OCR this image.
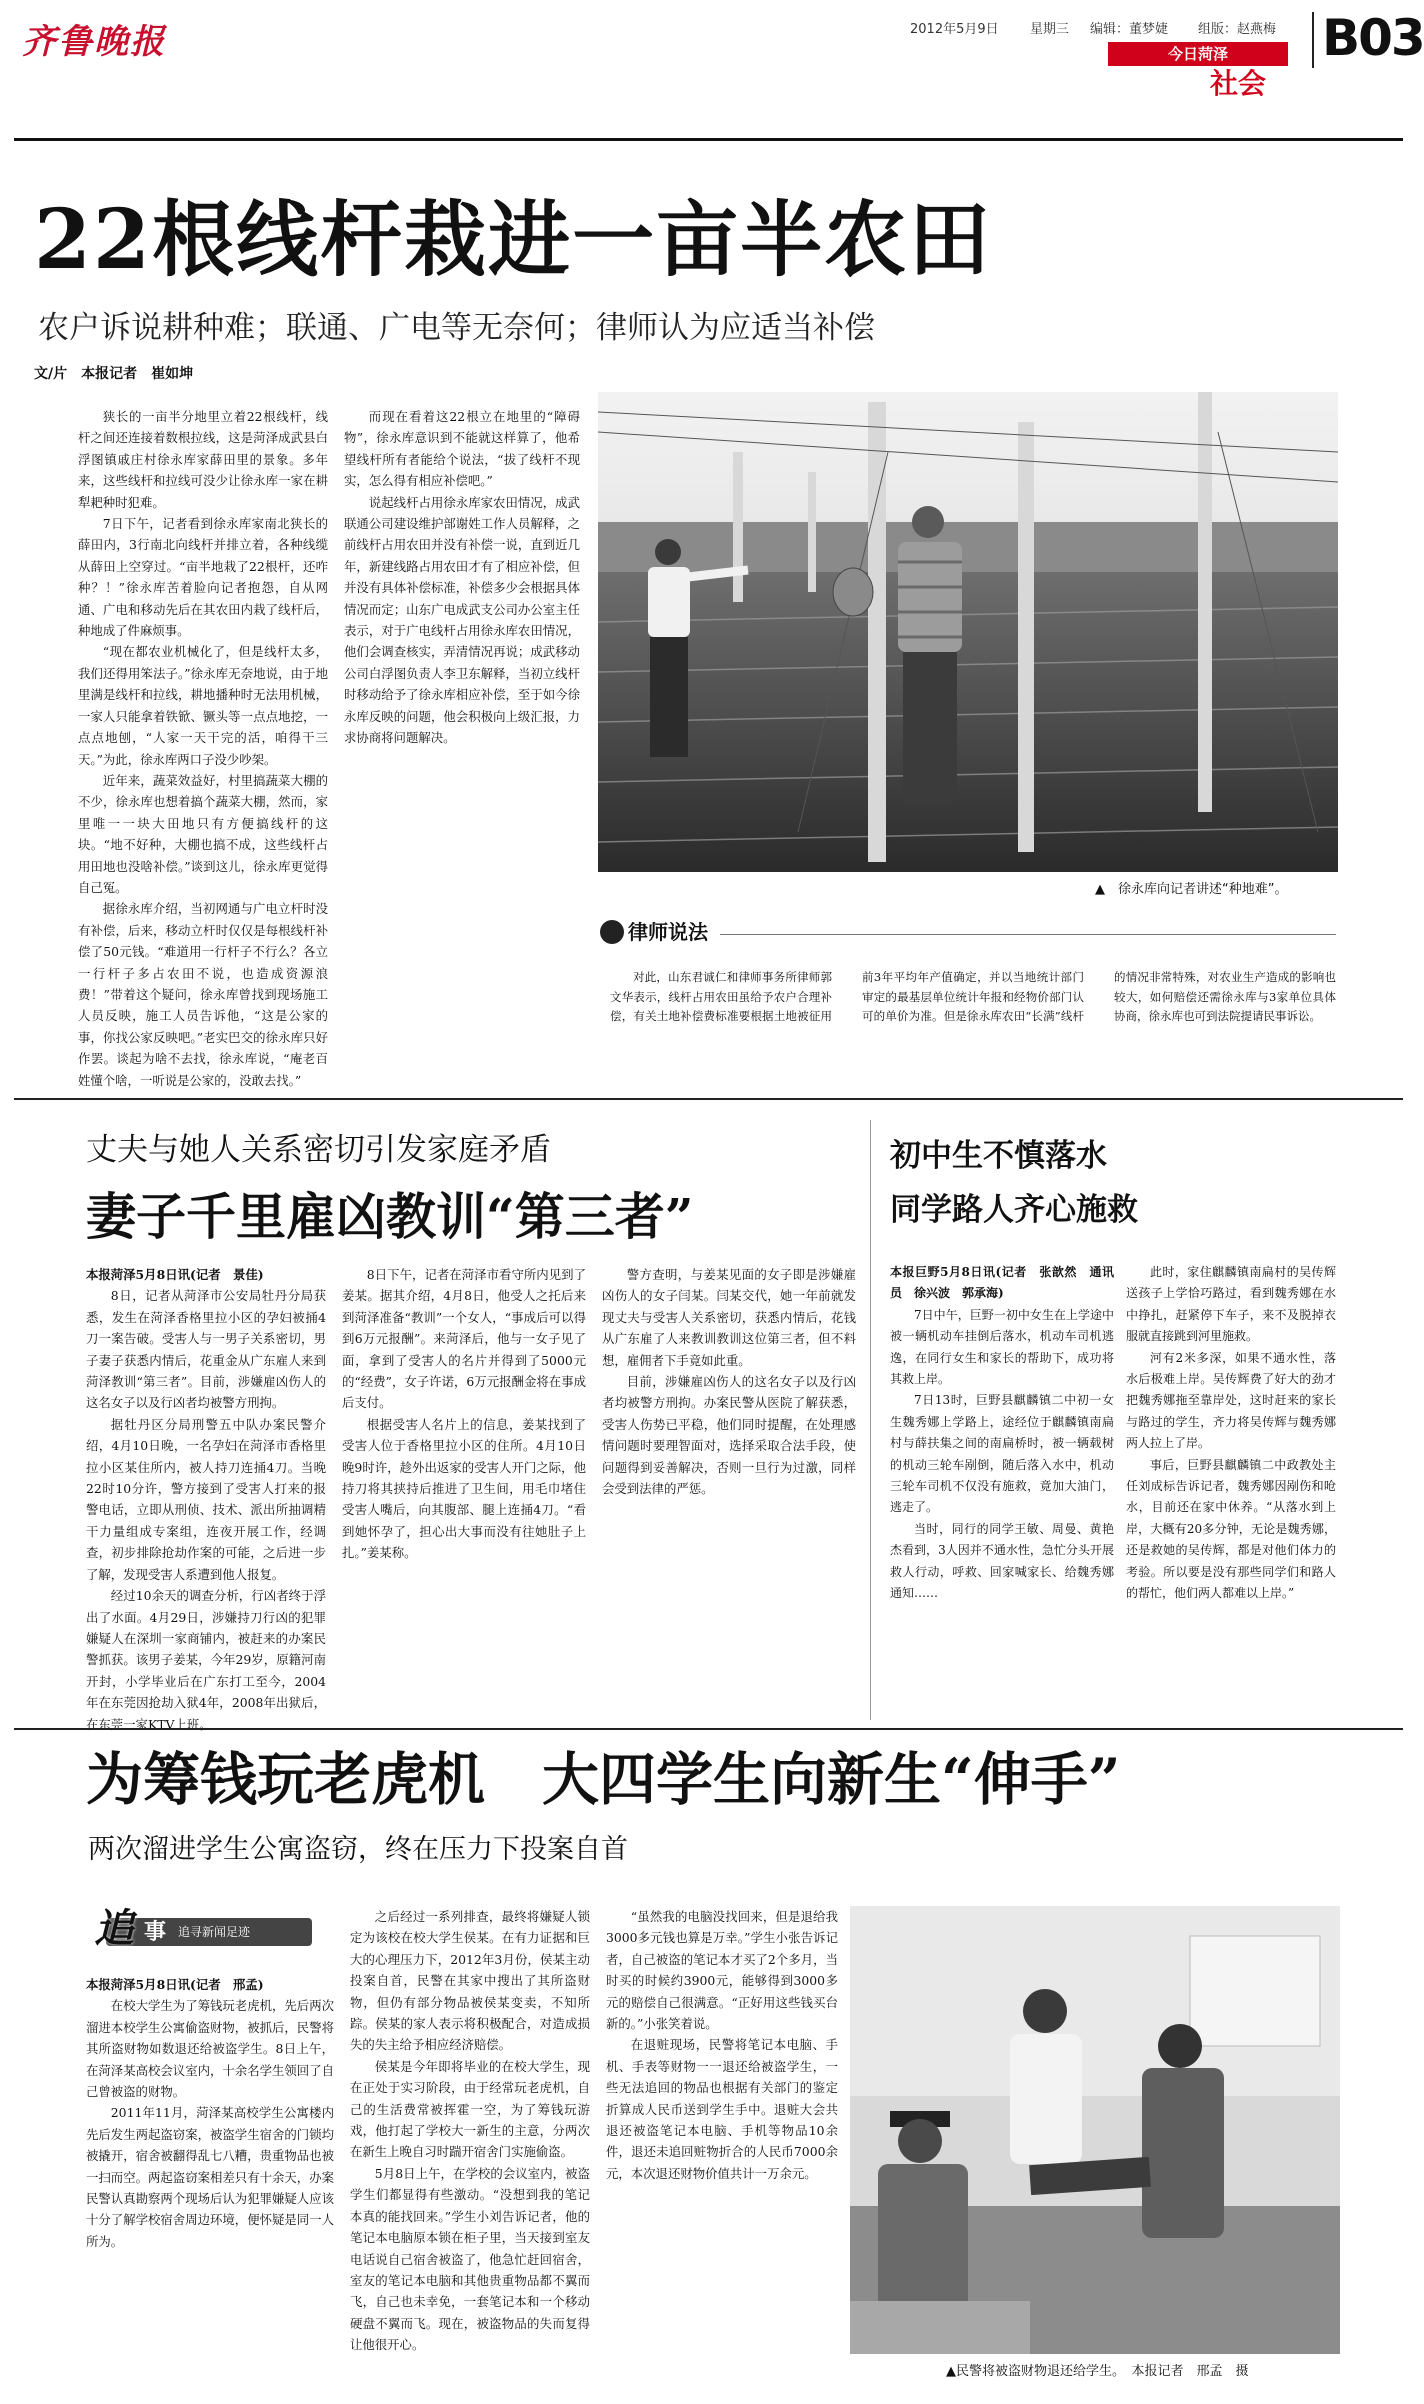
齐鲁晚报	2012年5月9日 星期三 编辑：董梦婕 组版：赵燕梅
今日菏泽
社会
B03
22根线杆栽进一亩半农田
农户诉说耕种难；联通、广电等无奈何；律师认为应适当补偿
文/片　本报记者　崔如坤

狭长的一亩半分地里立着22根线杆，线杆之间还连接着数根拉线，这是菏泽成武县白浮图镇戚庄村徐永库家薛田里的景象。多年来，这些线杆和拉线可没少让徐永库一家在耕犁耙种时犯难。

7日下午，记者看到徐永库家南北狭长的薛田内，3行南北向线杆并排立着，各种线缆从薛田上空穿过。“亩半地栽了22根杆，还咋种？！”徐永库苦着脸向记者抱怨，自从网通、广电和移动先后在其农田内栽了线杆后，种地成了件麻烦事。

“现在都农业机械化了，但是线杆太多，我们还得用笨法子。”徐永库无奈地说，由于地里满是线杆和拉线，耕地播种时无法用机械，一家人只能拿着铁锨、镢头等一点点地挖，一点点地刨，“人家一天干完的活，咱得干三天。”为此，徐永库两口子没少吵架。

近年来，蔬菜效益好，村里搞蔬菜大棚的不少，徐永库也想着搞个蔬菜大棚，然而，家里唯一一块大田地只有方便搞线杆的这块。“地不好种，大棚也搞不成，这些线杆占用田地也没啥补偿。”谈到这儿，徐永库更觉得自己冤。

据徐永库介绍，当初网通与广电立杆时没有补偿，后来，移动立杆时仅仅是每根线杆补偿了50元钱。“难道用一行杆子不行么？各立一行杆子多占农田不说，也造成资源浪费！”带着这个疑问，徐永库曾找到现场施工人员反映，施工人员告诉他，“这是公家的事，你找公家反映吧。”老实巴交的徐永库只好作罢。谈起为啥不去找，徐永库说，“庵老百姓懂个啥，一听说是公家的，没敢去找。”

而现在看着这22根立在地里的“障碍物”，徐永库意识到不能就这样算了，他希望线杆所有者能给个说法，“拔了线杆不现实，怎么得有相应补偿吧。”

说起线杆占用徐永库家农田情况，成武联通公司建设维护部谢姓工作人员解释，之前线杆占用农田并没有补偿一说，直到近几年，新建线路占用农田才有了相应补偿，但并没有具体补偿标准，补偿多少会根据具体情况而定；山东广电成武支公司办公室主任表示，对于广电线杆占用徐永库农田情况，他们会调查核实，弄清情况再说；成武移动公司白浮图负责人李卫东解释，当初立线杆时移动给予了徐永库相应补偿，至于如今徐永库反映的问题，他会积极向上级汇报，力求协商将问题解决。

▲　徐永库向记者讲述“种地难”。
律师说法
对此，山东君诚仁和律师事务所律师郭文华表示，线杆占用农田虽给予农户合理补偿，有关土地补偿费标准要根据土地被征用前3年平均年产值确定，并以当地统计部门审定的最基层单位统计年报和经物价部门认可的单价为准。但是徐永库农田“长满”线杆的情况非常特殊，对农业生产造成的影响也较大，如何赔偿还需徐永库与3家单位具体协商，徐永库也可到法院提请民事诉讼。
丈夫与她人关系密切引发家庭矛盾
妻子千里雇凶教训“第三者”

本报菏泽5月8日讯(记者　景佳)

8日，记者从菏泽市公安局牡丹分局获悉，发生在菏泽香格里拉小区的孕妇被捅4刀一案告破。受害人与一男子关系密切，男子妻子获悉内情后，花重金从广东雇人来到菏泽教训“第三者”。目前，涉嫌雇凶伤人的这名女子以及行凶者均被警方刑拘。

据牡丹区分局刑警五中队办案民警介绍，4月10日晚，一名孕妇在菏泽市香格里拉小区某住所内，被人持刀连捅4刀。当晚22时10分许，警方接到了受害人打来的报警电话，立即从刑侦、技术、派出所抽调精干力量组成专案组，连夜开展工作，经调查，初步排除抢劫作案的可能，之后进一步了解，发现受害人系遭到他人报复。

经过10余天的调查分析，行凶者终于浮出了水面。4月29日，涉嫌持刀行凶的犯罪嫌疑人在深圳一家商铺内，被赶来的办案民警抓获。该男子姜某，今年29岁，原籍河南开封，小学毕业后在广东打工至今，2004年在东莞因抢劫入狱4年，2008年出狱后，在东莞一家KTV上班。

8日下午，记者在菏泽市看守所内见到了姜某。据其介绍，4月8日，他受人之托后来到菏泽准备“教训”一个女人，“事成后可以得到6万元报酬”。来菏泽后，他与一女子见了面，拿到了受害人的名片并得到了5000元的“经费”，女子许诺，6万元报酬金将在事成后支付。

根据受害人名片上的信息，姜某找到了受害人位于香格里拉小区的住所。4月10日晚9时许，趁外出返家的受害人开门之际，他持刀将其挟持后推进了卫生间，用毛巾堵住受害人嘴后，向其腹部、腿上连捅4刀。“看到她怀孕了，担心出大事而没有往她肚子上扎。”姜某称。

警方查明，与姜某见面的女子即是涉嫌雇凶伤人的女子闫某。闫某交代，她一年前就发现丈夫与受害人关系密切，获悉内情后，花钱从广东雇了人来教训教训这位第三者，但不料想，雇佣者下手竟如此重。

目前，涉嫌雇凶伤人的这名女子以及行凶者均被警方刑拘。办案民警从医院了解获悉，受害人伤势已平稳，他们同时提醒，在处理感情问题时要理智面对，选择采取合法手段，使问题得到妥善解决，否则一旦行为过激，同样会受到法律的严惩。

初中生不慎落水
同学路人齐心施救

本报巨野5月8日讯(记者　张歆然　通讯员　徐兴波　郭承海)

7日中午，巨野一初中女生在上学途中被一辆机动车挂倒后落水，机动车司机逃逸，在同行女生和家长的帮助下，成功将其救上岸。

7日13时，巨野县麒麟镇二中初一女生魏秀娜上学路上，途经位于麒麟镇南扁村与薛扶集之间的南扁桥时，被一辆载树的机动三轮车剐倒，随后落入水中，机动三轮车司机不仅没有施救，竟加大油门，逃走了。

当时，同行的同学王敏、周曼、黄艳杰看到，3人因并不通水性，急忙分头开展救人行动，呼救、回家喊家长、给魏秀娜通知……

此时，家住麒麟镇南扁村的吴传辉送孩子上学恰巧路过，看到魏秀娜在水中挣扎，赶紧停下车子，来不及脱掉衣服就直接跳到河里施救。

河有2米多深，如果不通水性，落水后极难上岸。吴传辉费了好大的劲才把魏秀娜拖至靠岸处，这时赶来的家长与路过的学生，齐力将吴传辉与魏秀娜两人拉上了岸。

事后，巨野县麒麟镇二中政教处主任刘成标告诉记者，魏秀娜因剐伤和呛水，目前还在家中休养。“从落水到上岸，大概有20多分钟，无论是魏秀娜，还是救她的吴传辉，都是对他们体力的考验。所以要是没有那些同学们和路人的帮忙，他们两人都难以上岸。”

为筹钱玩老虎机　大四学生向新生“伸手”
两次溜进学生公寓盗窃，终在压力下投案自首
追 事 追寻新闻足迹

本报菏泽5月8日讯(记者　邢孟)

在校大学生为了筹钱玩老虎机，先后两次溜进本校学生公寓偷盗财物，被抓后，民警将其所盗财物如数退还给被盗学生。8日上午，在菏泽某高校会议室内，十余名学生领回了自己曾被盗的财物。

2011年11月，菏泽某高校学生公寓楼内先后发生两起盗窃案，被盗学生宿舍的门锁均被撬开，宿舍被翻得乱七八糟，贵重物品也被一扫而空。两起盗窃案相差只有十余天，办案民警认真勘察两个现场后认为犯罪嫌疑人应该十分了解学校宿舍周边环境，便怀疑是同一人所为。

之后经过一系列排查，最终将嫌疑人锁定为该校在校大学生侯某。在有力证据和巨大的心理压力下，2012年3月份，侯某主动投案自首，民警在其家中搜出了其所盗财物，但仍有部分物品被侯某变卖，不知所踪。侯某的家人表示将积极配合，对造成损失的失主给予相应经济赔偿。

侯某是今年即将毕业的在校大学生，现在正处于实习阶段，由于经常玩老虎机，自己的生活费常被挥霍一空，为了筹钱玩游戏，他打起了学校大一新生的主意，分两次在新生上晚自习时踹开宿舍门实施偷盗。

5月8日上午，在学校的会议室内，被盗学生们都显得有些激动。“没想到我的笔记本真的能找回来。”学生小刘告诉记者，他的笔记本电脑原本锁在柜子里，当天接到室友电话说自己宿舍被盗了，他急忙赶回宿舍，室友的笔记本电脑和其他贵重物品都不翼而飞，自己也未幸免，一套笔记本和一个移动硬盘不翼而飞。现在，被盗物品的失而复得让他很开心。

“虽然我的电脑没找回来，但是退给我3000多元钱也算是万幸。”学生小张告诉记者，自己被盗的笔记本才买了2个多月，当时买的时候约3900元，能够得到3000多元的赔偿自己很满意。“正好用这些钱买台新的。”小张笑着说。

在退赃现场，民警将笔记本电脑、手机、手表等财物一一退还给被盗学生，一些无法追回的物品也根据有关部门的鉴定折算成人民币送到学生手中。退赃大会共退还被盗笔记本电脑、手机等物品10余件，退还未追回赃物折合的人民币7000余元，本次退还财物价值共计一万余元。

▲民警将被盗财物退还给学生。　本报记者　邢孟　摄
